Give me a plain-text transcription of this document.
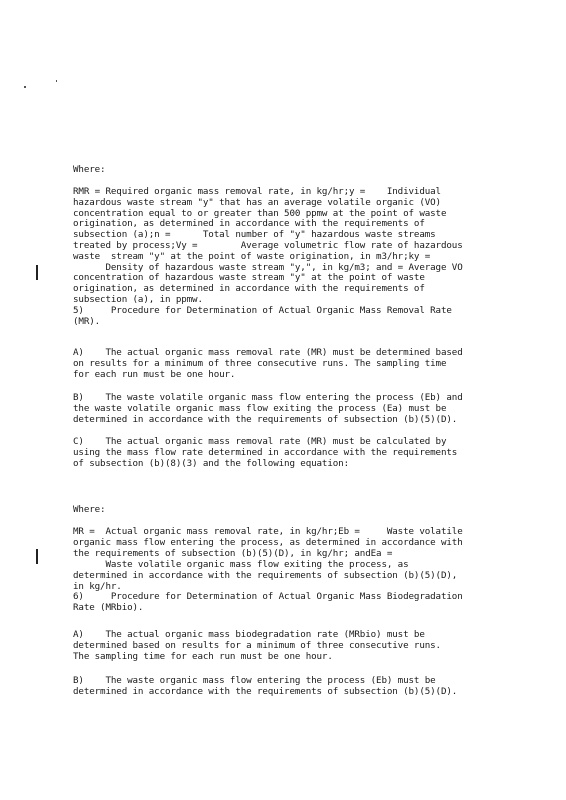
Where:
RMR = Required organic mass removal rate, in kg/hr;y =    Individual
hazardous waste stream "y" that has an average volatile organic (VO)
concentration equal to or greater than 500 ppmw at the point of waste
origination, as determined in accordance with the requirements of
subsection (a);n =      Total number of "y" hazardous waste streams
treated by process;Vy =        Average volumetric flow rate of hazardous
waste  stream "y" at the point of waste origination, in m3/hr;ky =
Density of hazardous waste stream "y,", in kg/m3; and = Average VO
concentration of hazardous waste stream "y" at the point of waste
origination, as determined in accordance with the requirements of
subsection (a), in ppmw.
5)     Procedure for Determination of Actual Organic Mass Removal Rate
(MR).
A)    The actual organic mass removal rate (MR) must be determined based
on results for a minimum of three consecutive runs. The sampling time
for each run must be one hour.
B)    The waste volatile organic mass flow entering the process (Eb) and
the waste volatile organic mass flow exiting the process (Ea) must be
determined in accordance with the requirements of subsection (b)(5)(D).
C)    The actual organic mass removal rate (MR) must be calculated by
using the mass flow rate determined in accordance with the requirements
of subsection (b)(8)(3) and the following equation:
Where:
MR =  Actual organic mass removal rate, in kg/hr;Eb =     Waste volatile
organic mass flow entering the process, as determined in accordance with
the requirements of subsection (b)(5)(D), in kg/hr; andEa =
Waste volatile organic mass flow exiting the process, as
determined in accordance with the requirements of subsection (b)(5)(D),
in kg/hr.
6)     Procedure for Determination of Actual Organic Mass Biodegradation
Rate (MRbio).
A)    The actual organic mass biodegradation rate (MRbio) must be
determined based on results for a minimum of three consecutive runs.
The sampling time for each run must be one hour.
B)    The waste organic mass flow entering the process (Eb) must be
determined in accordance with the requirements of subsection (b)(5)(D).
